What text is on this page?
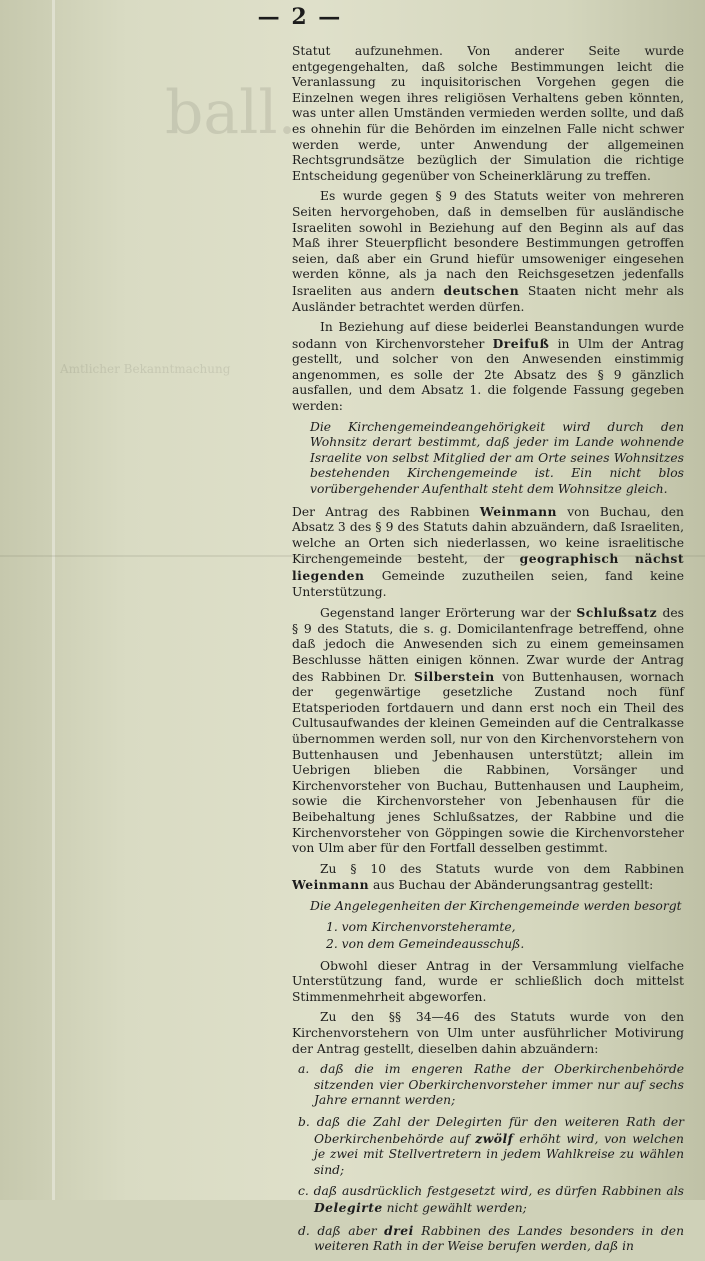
ball.
Amtlicher Bekanntmachung
— 2 —

Statut aufzunehmen. Von anderer Seite wurde entgegengehalten, daß solche Bestimmungen leicht die Veranlassung zu inquisitorischen Vorgehen gegen die Einzelnen wegen ihres religiösen Verhaltens geben könnten, was unter allen Umständen vermieden werden sollte, und daß es ohnehin für die Behörden im einzelnen Falle nicht schwer werden werde, unter Anwendung der allgemeinen Rechtsgrundsätze bezüglich der Simulation die richtige Entscheidung gegenüber von Scheinerklärung zu treffen.

Es wurde gegen § 9 des Statuts weiter von mehreren Seiten hervorgehoben, daß in demselben für ausländische Israeliten sowohl in Beziehung auf den Beginn als auf das Maß ihrer Steuerpflicht besondere Bestimmungen getroffen seien, daß aber ein Grund hiefür umsoweniger eingesehen werden könne, als ja nach den Reichsgesetzen jedenfalls Israeliten aus andern deutschen Staaten nicht mehr als Ausländer betrachtet werden dürfen.

In Beziehung auf diese beiderlei Beanstandungen wurde sodann von Kirchenvorsteher Dreifuß in Ulm der Antrag gestellt, und solcher von den Anwesenden einstimmig angenommen, es solle der 2te Absatz des § 9 gänzlich ausfallen, und dem Absatz 1. die folgende Fassung gegeben werden:

Die Kirchengemeindeangehörigkeit wird durch den Wohnsitz derart bestimmt, daß jeder im Lande wohnende Israelite von selbst Mitglied der am Orte seines Wohnsitzes bestehenden Kirchengemeinde ist. Ein nicht blos vorübergehender Aufenthalt steht dem Wohnsitze gleich.

Der Antrag des Rabbinen Weinmann von Buchau, den Absatz 3 des § 9 des Statuts dahin abzuändern, daß Israeliten, welche an Orten sich niederlassen, wo keine israelitische Kirchengemeinde besteht, der geographisch nächst liegenden Gemeinde zuzutheilen seien, fand keine Unterstützung.

Gegenstand langer Erörterung war der Schlußsatz des § 9 des Statuts, die s. g. Domicilantenfrage betreffend, ohne daß jedoch die Anwesenden sich zu einem gemeinsamen Beschlusse hätten einigen können. Zwar wurde der Antrag des Rabbinen Dr. Silberstein von Buttenhausen, wornach der gegenwärtige gesetzliche Zustand noch fünf Etatsperioden fortdauern und dann erst noch ein Theil des Cultusaufwandes der kleinen Gemeinden auf die Centralkasse übernommen werden soll, nur von den Kirchenvorstehern von Buttenhausen und Jebenhausen unterstützt; allein im Uebrigen blieben die Rabbinen, Vorsänger und Kirchenvorsteher von Buchau, Buttenhausen und Laupheim, sowie die Kirchenvorsteher von Jebenhausen für die Beibehaltung jenes Schlußsatzes, der Rabbine und die Kirchenvorsteher von Göppingen sowie die Kirchenvorsteher von Ulm aber für den Fortfall desselben gestimmt.

Zu § 10 des Statuts wurde von dem Rabbinen Weinmann aus Buchau der Abänderungsantrag gestellt:

Die Angelegenheiten der Kirchengemeinde werden besorgt

1. vom Kirchenvorsteheramte,
2. von dem Gemeindeausschuß.

Obwohl dieser Antrag in der Versammlung vielfache Unterstützung fand, wurde er schließlich doch mittelst Stimmenmehrheit abgeworfen.

Zu den §§ 34—46 des Statuts wurde von den Kirchenvorstehern von Ulm unter ausführlicher Motivirung der Antrag gestellt, dieselben dahin abzuändern:

a. daß die im engeren Rathe der Oberkirchenbehörde sitzenden vier Oberkirchenvorsteher immer nur auf sechs Jahre ernannt werden;
b. daß die Zahl der Delegirten für den weiteren Rath der Oberkirchenbehörde auf zwölf erhöht wird, von welchen je zwei mit Stellvertretern in jedem Wahlkreise zu wählen sind;
c. daß ausdrücklich festgesetzt wird, es dürfen Rabbinen als Delegirte nicht gewählt werden;
d. daß aber drei Rabbinen des Landes besonders in den weiteren Rath in der Weise berufen werden, daß in
